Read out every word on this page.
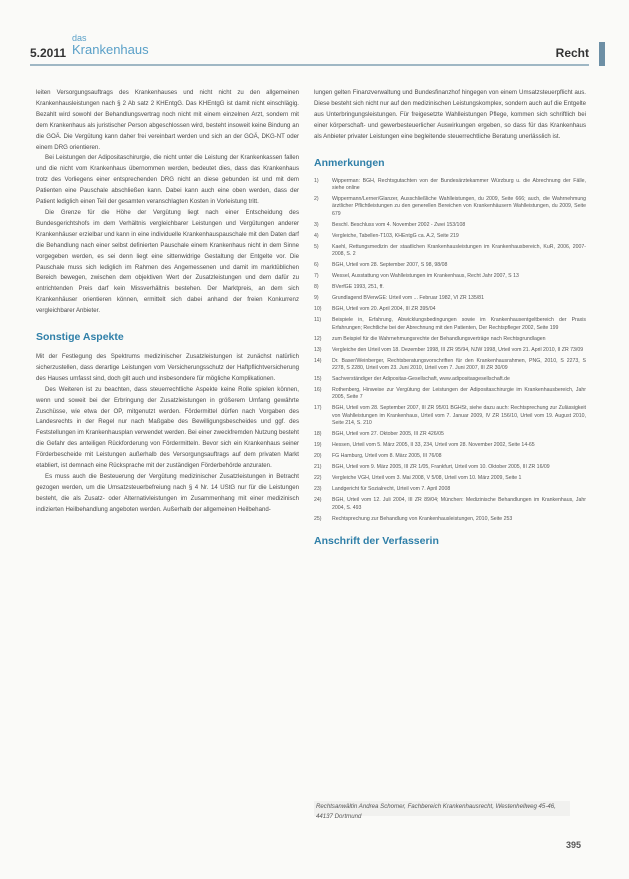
5.2011
das
Krankenhaus	Recht

leiten Versorgungsauftrags des Krankenhauses und nicht nicht zu den allgemeinen Krankenhausleistungen nach § 2 Ab satz 2 KHEntgG. Das KHEntgG ist damit nicht einschlägig. Bezahlt wird sowohl der Behandlungsvertrag noch nicht mit einem einzelnen Arzt, sondern mit dem Krankenhaus als juristischer Person abgeschlossen wird, besteht insoweit keine Bindung an die GOÄ. Die Vergütung kann daher frei vereinbart werden und sich an der GOÄ, DKG-NT oder einem DRG orientieren.

Bei Leistungen der Adipositaschirurgie, die nicht unter die Leistung der Krankenkassen fallen und die nicht vom Krankenhaus übernommen werden, bedeutet dies, dass das Krankenhaus trotz des Vorliegens einer entsprechenden DRG nicht an diese gebunden ist und mit dem Patienten eine Pauschale abschließen kann. Dabei kann auch eine oben werden, dass der Patient lediglich einen Teil der gesamten veranschlagten Kosten in Vorleistung tritt.

Die Grenze für die Höhe der Vergütung liegt nach einer Entscheidung des Bundesgerichtshofs im dem Verhältnis vergleichbarer Leistungen und Vergütungen anderer Krankenhäuser erzielbar und kann in eine individuelle Krankenhauspauschale mit den Daten darf die Behandlung nach einer selbst definierten Pauschale einem Krankenhaus nicht in dem Sinne vorgegeben werden, es sei denn liegt eine sittenwidrige Gestaltung der Entgelte vor. Die Pauschale muss sich lediglich im Rahmen des Angemessenen und damit im marktüblichen Bereich bewegen, zwischen dem objektiven Wert der Zusatzleistungen und dem dafür zu entrichtenden Preis darf kein Missverhältnis bestehen. Der Marktpreis, an dem sich Krankenhäuser orientieren können, ermittelt sich dabei anhand der freien Konkurrenz vergleichbarer Anbieter.

Sonstige Aspekte

Mit der Festlegung des Spektrums medizinischer Zusatzleistungen ist zunächst natürlich sicherzustellen, dass derartige Leistungen vom Versicherungsschutz der Haftpflichtversicherung des Hauses umfasst sind, doch gilt auch und insbesondere für mögliche Komplikationen.

Des Weiteren ist zu beachten, dass steuerrechtliche Aspekte keine Rolle spielen können, wenn und soweit bei der Erbringung der Zusatzleistungen in größerem Umfang gewährte Zuschüsse, wie etwa der OP, mitgenutzt werden. Fördermittel dürfen nach Vorgaben des Landesrechts in der Regel nur nach Maßgabe des Bewilligungsbescheides und ggf. des Feststellungen im Krankenhausplan verwendet werden. Bei einer zweckfremden Nutzung besteht die Gefahr des anteiligen Rückforderung von Fördermitteln. Bevor sich ein Krankenhaus seiner Förderbescheide mit Leistungen außerhalb des Versorgungsauftrags auf dem privaten Markt etabliert, ist demnach eine Rücksprache mit der zuständigen Förderbehörde anzuraten.

Es muss auch die Besteuerung der Vergütung medizinischer Zusatzleistungen in Betracht gezogen werden, um die Umsatzsteuerbefreiung nach § 4 Nr. 14 UStG nur für die Leistungen besteht, die als Zusatz- oder Alternativleistungen im Zusammenhang mit einer medizinisch indizierten Heilbehandlung angeboten werden. Außerhalb der allgemeinen Heilbehand-

lungen gelten Finanzverwaltung und Bundesfinanzhof hingegen von einem Umsatzsteuerpflicht aus. Diese besteht sich nicht nur auf den medizinischen Leistungskomplex, sondern auch auf die Entgelte aus Unterbringungsleistungen. Für freigesetzte Wahlleistungen Pflege, kommen sich schriftlich bei einer körperschaft- und gewerbesteuerlicher Auswirkungen ergeben, so dass für das Krankenhaus als Anbieter privater Leistungen eine begleitende steuerrechtliche Beratung unerlässlich ist.

Anmerkungen
1)	Wipperman: BGH, Rechtsgutachten von der Bundesärztekammer Würzburg u. die Abrechnung der Fälle, siehe online
2)	Wippermann/Lerner/Glanzer, Ausschließliche Wahlleistungen, du 2009, Seite 666; auch, die Wahrnehmung ärztlicher Pflichtleistungen zu den generellen Bereichen von Krankenhäusern Wahlleistungen, du 2009, Seite 679
3)	Beschl. Beschluss vom 4. November 2002 - Zwei 153/108
4)	Vergleiche, Tabellen-T103, KHEntgG ca. A.2, Seite 219
5)	Kaehl, Rettungsmedizin der staatlichen Krankenhausleistungen im Krankenhausbereich, KuR, 2006, 2007-2008, S. 2
6)	BGH, Urteil vom 28. September 2007, S 98, 98/08
7)	Wessel, Ausstattung von Wahlleistungen im Krankenhaus, Recht Jahr 2007, S 13
8)	BVerfGE 1993, 251, ff.
9)	Grundlagend BVerwGE: Urteil vom ... Februar 1982, VI ZR 135/81
10)	BGH, Urteil vom 20. April 2004, III ZR 395/04
11)	Beispiele in, Erfahrung, Abwicklungsbedingungen sowie im Krankenhausentgeltbereich der Praxis Erfahrungen; Rechtliche bei der Abrechnung mit den Patienten, Der Rechtspfleger 2002, Seite 199
12)	zum Beispiel für die Wahrnehmungsrechte der Behandlungsverträge nach Rechtsgrundlagen
13)	Vergleiche den Urteil vom 18. Dezember 1998, III ZR 95/94, NJW 1998, Urteil vom 21. April 2010, II ZR 73/09
14)	Dr. Baser/Weinberger, Rechtsberatungsvorschriften für den Krankenhausrahmen, PNG, 2010, S 2273, S 2278, S 2280, Urteil vom 23. Juni 2010, Urteil vom 7. Juni 2007, III ZR 30/09
15)	Sachverständiger der Adipositas-Gesellschaft, www.adipositasgesellschaft.de
16)	Rothenberg, Hinweise zur Vergütung der Leistungen der Adipositaschirurgie im Krankenhausbereich, Jahr 2005, Seite 7
17)	BGH, Urteil vom 28. September 2007, III ZR 95/01 BGHSt, siehe dazu auch: Rechtsprechung zur Zulässigkeit von Wahlleistungen im Krankenhaus, Urteil vom 7. Januar 2009, IV ZR 156/10, Urteil vom 19. August 2010, Seite 214, S. 210
18)	BGH, Urteil vom 27. Oktober 2005, III ZR 426/05
19)	Hessen, Urteil vom 5. März 2005, II 33, 234, Urteil vom 28. November 2002, Seite 14-65
20)	FG Hamburg, Urteil vom 8. März 2005, III 76/08
21)	BGH, Urteil vom 9. März 2005, III ZR 1/05, Frankfurt, Urteil vom 10. Oktober 2005, III ZR 16/09
22)	Vergleiche VGH, Urteil vom 3. Mai 2008, V 5/08, Urteil vom 10. März 2009, Seite 1
23)	Landgericht für Sozialrecht, Urteil vom 7. April 2008
24)	BGH, Urteil vom 12. Juli 2004, III ZR 89/04; München: Medizinische Behandlungen im Krankenhaus, Jahr 2004, S. 493
25)	Rechtsprechung zur Behandlung von Krankenhausleistungen, 2010, Seite 253
Anschrift der Verfasserin
Rechtsanwältin Andrea Schomer, Fachbereich Krankenhausrecht, Westenhellweg 45-46, 44137 Dortmund
395
